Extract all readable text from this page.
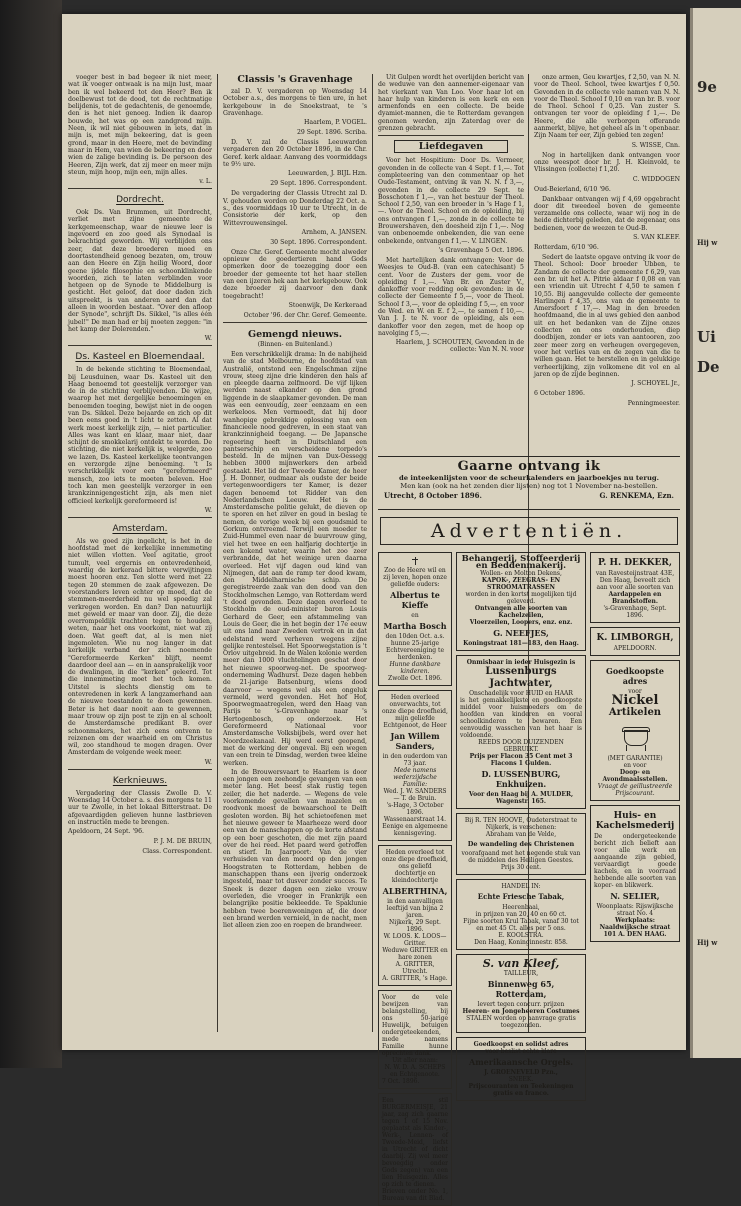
voeger best in bad begeer ik niet meer, wat ik voeger ontwaak is na mijn lust, maar ben ik wel bekeerd tot den Heer? Ben ik doelbewust tot de dood, tot de rechtmatige belijdenis, tot de gedachtenis, de genoemde, den is het niet genoeg. Indien ik daarop bouwde, het was op een zandgrond mijn. Neen, ik wil niet gebouwen in iets, dat in mijn is, met mijn bekeering, dat is geen grond, maar in den Heere, met de bevinding maar in Hem, van wien de bekeering en door wien de zalige bevinding is. De persoon des Heeren, Zijn werk, dat zij meer en meer mijn steun, mijn hoop, mijn een, mijn alles.

v. L.
Dordrecht.

Ook Ds. Van Brummen, uit Dordrecht, verliet met zijne gemeente de kerkgemeenschap, waar de nieuwe leer is ingevoerd en zoo goed als Synodaal is bekrachtigd geworden. Wij verblijden ons zeer, dat deze broederen moed en doortastendheid genoeg bezaten, om, trouw aan den Heere en Zijn heilig Woord, door geene ijdele filosophie en schoonklinkende woorden, zich te laten verblinden voor hetgeen op de Synode te Middelburg is gesticht. Het geloof, dat door daden zich uitspreekt, is van anderen aard dan dat alleen in woorden bestaat. "Over den afloop der Synode", schrijft Ds. Sikkel, "is alles één jubel!" De man had er bij moeten zeggen: "in het kamp der Dolerenden."

W.
Ds. Kasteel en Bloemendaal.

In de bekende stichting te Bloemendaal, bij Leusduinen, waar Ds. Kasteel uit den Haag benoemd tot geestelijk verzorger van de in de stichting verblijvenden. De wijze, waarop het met dergelijke benoemingen en benoemden toeging, bewijst niet in de oogen van Ds. Sikkel. Deze bejaarde en zich op dit been eens goed in 't licht te zetten. Al dat werk moest kerkelijk zijn, — niet particulier. Alles was kant en klaar, maar niet, daar schijnt de smokkelarij ontdekt te worden. De stichting, die niet kerkelijk is, welgerde, zoo we lazen, Ds. Kasteel kerkelijke teontvangen en verzorgde zijne benoeming. 't Is verschrikkelijk voor een "gereformeerd" mensch, zoo iets te moeten beleven. Hoe toch kan men geestelijk verzorger in een krankzinnigengesticht zijn, als men niet officieel kerkelijk gereformeerd is!

W.
Amsterdam.

Als we goed zijn ingelicht, is het in de hoofdstad met de kerkelijke innemmeting niet willen vlotten. Veel agitatie, groot tumult, veel ergernis en ontevredenheid, waardig de kerkeraad bittere verwijtingen moest hooren enz. Ten slotte werd met 22 tegen 20 stemmen de zaak afgewezen. De voorstanders leven echter op moed, dat de stemmen-meerderheid nu wel spoedig zal verkregen worden. En dan? Dan natuurlijk met geweld er maar van door. Zij, die deze overrompeldijk trachten tegen te houden, weten, naar het ons voorkomt, niet wat zij doen. Wat geeft dat, al is men niet ingemoleten. Wie nu nog langer in dat kerkelijk verband der zich noemende "Gereformeerde Kerken" blijft, neemt daardoor deel aan — en in aansprakelijk voor de dwalingen, in die "kerken" geleerd. Tot die innemmeting moet het toch komen. Uitstel is slechts dienstig om te ontevredenen in kerk A langzamerhand aan de nieuwe toestanden te doen gewennen. Beter is het daar nooit aan te gewennen, maar trouw op zijn post te zijn en al schoolt de Amsterdamsche predikant B. over schoonmakers, het zich eens ontvenn te reizenen om der waarheid en om Christus wil, zoo standhoud te mogen dragen. Over Amsterdam de volgende week meer.

W.
Kerknieuws.

Vergadering der Classis Zwolle D. V. Woensdag 14 October a. s. des morgens te 11 uur te Zwolle, in het lokaal Bitterstraat. De afgevaardigden gelieven hunne lastbrieven en instructiën mede te brengen.

Apeldoorn, 24 Sept. '96.
P. J. M. DE BRUIN,
Class. Correspondent.
Classis 's Gravenhage

zal D. V. vergaderen op Woensdag 14 October a.s., des morgens te tien ure, in het kerkgebouw in de Snoekstraat, te 's Gravenhage.

Haarlem, P. VOGEL.
29 Sept. 1896. Scriba.

D. V. zal de Classis Leeuwarden vergaderen den 20 October 1896, in de Chr. Geref. kerk aldaar. Aanvang des voormiddags te 9½ ure.

Leeuwarden, J. BIJL Hzn.
29 Sept. 1896. Correspondent.

De vergadering der Classis Utrecht zal D. V. gehouden worden op Donderdag 22 Oct. a. s., des voormiddags 10 uur te Utrecht, in de Consistorie der kerk, op den Wittevrouwensingel.

Arnhem, A. JANSEN.
30 Sept. 1896. Correspondent.

Onze Chr. Geref. Gemeente mocht alweder opnieuw de goedertieren hand Gods opmerken door de toezegging door een broeder der gemeente tot het haar stellen van een ijzeren hek aan het kerkgebouw. Ook deze broeder zij daarvoor den dank toegebracht!

Stoenwijk, De Kerkeraad
October '96. der Chr. Geref. Gemeente.
Gemengd nieuws.
(Binnen- en Buitenland.)

Een verschrikkelijk drama: In de nabijheid van de stad Melbourne, de hoofdstad van Australië, ontstond een Engelschman zijne vrouw, steeg zijne drie kinderen den hals af en pleegde daarna zelfmoord. De vijf lijken werden naast elkander op den grond liggende in de slaapkamer gevonden. De man was een eenvoudig, zeer eenzaam en een werkeloos. Men vermoedt, dat hij door wanhopige gebrekkige oplossing van een financieele nood gedreven, in een staat van krankzinnigheid toegang. — De Japansche regeering heeft in Duitschland een pantserschip en verscheidene torpedo's besteld. In de mijnen van Dux-Oessegg hebben 3000 mijnwerkers den arbeid gestaakt. Het lid der Tweede Kamer, de heer J. H. Donner, oudmaar als oudste der beide vertegenwoordigers ter Kamer, is dezer dagen benoemd tot Ridder van den Nederlandschen Leeuw. Het is de Amsterdamsche politie gelukt, de dieven op te sporen en het zilver en goud in beslag te nemen, de vorige week bij een goudsmid te Gorkum ontvreemd. Terwijl een moeder te Zuid-Hummel even naar de buurvrouw ging, viel het twee en een halfjarig dochtertje in een kokend water, waarin het zoo zeer verbrandde, dat het weinige uren daarna overleed. Het vijf dagen oud kind van Nijmegen, dat aan de ramp ter dood kwam, den Middelharnische schip. De geregistreerde zaak van den dood van den Stockholmschen Lemgo, van Rotterdam werd 't dood gevonden. Deze dagen overleed te Stockholm de oud-minister baron Louis Gerhard de Geer, een afstammeling van Louis de Geer, die in het begin der 17e eeuw uit ons land naar Zweden vertrok en in dat edelstand werd verheven wegens zijne gelijke rentestelsel. Het Spoorwegstation is 't Orlov uitgebreid. In de Walen kolonie werden meer dan 1000 vluchtelingen geschat door het nieuwe spoorweg-net. De spoorweg-onderneming Wadhurst. Deze dagen hebben de 21-jarige Batsenburg, wiens dood daarvoor — wegens wel als een ongeluk vermeld, werd gevonden. Het hof Hof, Spoorwegmaatregelen, werd den Haag van Parijs te 's-Gravenhage naar 's Hertogenbosch, op onderzoek. Het Gereformeerd Nationaal voor Amsterdamsche Volksbijbels, werd over het Noordzeekanaal. Hij werd eerst geopend, met de werking der ongeval. Bij een wegen van een trein te Dinsdag, werden twee kleine werken.

In de Brouwersvaart te Haarlem is door een jongen een zeehondje gevangen van een meter lang. Het beest stak rustig tegen zeiler, die het naderde. — Wegens de vele voorkomende gevallen van mazelen en roodvonk moest de bewaarschool te Delft gesloten worden. Bij het schietoefenen met het nieuwe geweer te Maarheeze werd door een van de manschappen op de korte afstand op een boer geschoten, die met zijn paard over de hei reed. Het paard werd getroffen en stierf. In Jaarpoort: Van de vier verhuisden van den moord op den jongen Hoogstraten te Rotterdam, hebben de manschappen thans een ijverig onderzoek ingesteld, maar tot dusver zonder succes. Te Sneek is dezer dagen een zieke vrouw overleden, die vroeger in Frankrijk een belangrijke positie bekleedde. Te Spaklunie hebben twee boerenwoningen af, die door een brand werden vernield, in de nacht, men liet alleen zien zoo en roepen de brandweer.

Uit Gulpen wordt het overlijden bericht van de weduwe van den aannemer-eigenaar van het vierkant van Van Loo. Voor haar lot en haar hulp van kinderen is een kerk en een armenfonds en een collecte. De beide dyamiet-mannen, die te Rotterdam gevangen genomen werden, zijn Zaterdag over de grenzen gebracht.

Liefdegaven

Voor het Hospitium: Door Ds. Vermeer, gevonden in de collecte van 4 Sept. f 1,—. Tot completeering van den commentaar op het Oude-Testament, ontving ik van N. N. f 3,—, gevonden in de collecte 29 Sept. te Bosschoten f 1,—, van het bestuur der Theol. School f 2,50, van een broeder in 's Hage f 1,—. Voor de Theol. School en de opleiding, bij ons ontvangen f 1,—, zonde in de collecte te Brouwershaven, den doesheid zijn f 1,—. Nog van onbenoemde onbekenden, die van eene onbekende, ontvangen f 1,—. V. LINGEN.

's Gravenhage 5 Oct. 1896.

Met hartelijken dank ontvangen: Voor de Weesjes te Oud-B. (van een catechisant) 5 cent. Voor de Zusters der gem. voor de opleiding f 1,—. Van Br. en Zuster V., dankoffer voor redding ook gevonden: in de collecte der Gemeente f 5,—, voor de Theol. School f 3,—, voor de opleiding f 5,—, en voor de Wed. en W. en E. f 2,—, te samen f 10,—. Van J. J. te N. voor de opleiding, als een dankoffer voor den zegen, met de hoop op navolging f 5,—.

Haarlem, J. SCHOUTEN, Gevonden in de collecte: Van N. N. voor

onze armen, Geu kwartjes, f 2,50, van N. N. voor de Theol. School, twee kwartjes f 0,50. Gevonden in de collecte vele namen van N. N. voor de Theol. School f 0,10 en van br. B. voor de Theol. School f 0,25. Van zuster S. ontvangen ter voor de opleiding f 1,—. De Heere, die alle verborgen offerande aanmerkt, blijve, het geheel als in 't openbaar. Zijn Naam ter eer, Zijn gebied ten zegen!

S. WISSE, Cnn.

Nog in hartelijken dank ontvangen voor onze weespot door br. J. H. Kleinvold, te Vlissingen (collecte) f 1,20.

C. WIDDOGEN
Oud-Beierland, 6/10 '96.

Dankbaar ontvangen wij f 4,69 opgebracht door dit tweedeel boven de gemeente verzamelde ons collecte, waar wij nog in de heide dichterbij geleden, dat de zegenaar, ons bedienen, voor de weezen te Oud-B.

S. VAN KLEEF.
Rotterdam, 6/10 '96.

Sedert de laatste opgave ontving ik voor de Theol. School: Door broeder Ubben, te Zandam de collecte der gemeente f 6,29, van een br. uit het A. Pitrie aldaar f 0,08 en van een vriendin uit Utrecht f 4,50 te samen f 10,55. Bij aangevulde collecte der gemeente Harlingen f 4,35, ons van de gemeente te Amersfoort f 17,—. Mag in den breeden hoofdmaand, die in al uws gebied den aanbod uit en het bedanken van de Zijne onzes collecten en ons onderhouden, diep doodbijen, zonder er iets van aantooren, zoo zeer meer zorg en verheugen overgegeven, voor het verlies van en de zegen van die te willen gaan. Het te herstellen en in gelukkige verheerlijking, zijn volkomene dit vol en al jaren op de zijde beginnen.

J. SCHOYEL Jr.,
6 October 1896.
Penningmeester.
Gaarne ontvang ik
de inteekenlijsten voor de scheurkalenders en jaarboekjes nu terug.
Men kan (ook na het zenden dier lijsten) nog tot 1 November na-bestellen.
Utrecht, 8 October 1896.	G. RENKEMA, Ezn.
Advertentiën.
Zoo de Heere wil en zij leven, hopen onze geliefde ouders:
Albertus te Kieffe
en
Martha Bosch
den 10den Oct. a.s. hunne 25-jarige Echtvereeniging te herdenken.
Hunne dankbare kinderen.
Zwolle Oct. 1896.
Heden overleed onverwachts, tot onze diepe droefheid, mijn geliefde Echtgenoot, de Heer
Jan Willem Sanders,
in den ouderdom van 73 jaar.
Mede namens wederzijdsche Familie:
Wed. J. W. SANDERS — T. de Bruin.
's-Hage, 3 October 1896.
Wassenaarstraat 14.
Eenige en algemeene kennisgeving.
Heden overleed tot onze diepe droefheid, ons geliefd dochtertje en kleindochtertje
ALBERTHINA,
in den aanvalligen leeftijd van bijna 2 jaren.
Nijkerk, 29 Sept. 1896.
W. LOOS. K. LOOS— Gritter.
Weduwe GRITTER en hare zonen
A. GRITTER, Utrecht.
A. GRITTER, 's Hage.
Voor de vele bewijzen van belangstelling, bij ons 50-jarige Huwelijk, betuigen ondergeteekenden, mede namens Familie hunne oprechten dank.
Uit aller naam:
N. W. D. A. SCHEPS en Echtgenoote.
7 Oct. 1896.
Een stil BURGERMEISJE, 21 jaar, zag zich gaarne tegen 1 of 15 Nov. geplaatst als Kinder-, Werk-, Lennen- of Tweede-Meid, liefst in Utrecht of dicht daarbij. Zij wel meer bevoegdig onder Gods zegen) van een lien Huisgezin. Alles op zich te dienen.
Brieven onder No. 1, Bureau van dit Blad.
Behangerij, Stoffeerderij en Beddenmakerij.
Wollen- en Molton Dekens,
KAPOK-, ZEEGRAS- EN STROOMATRASSEN
worden in den kortst mogelijken tijd geleverd.
Ontvangen alle soorten van Kachelzeilen,
Vloerzeilen, Loopers, enz. enz.
G. NEEFJES,
Koningstraat 181—183, den Haag.
Onmisbaar in ieder Huisgezin is
Lussenburgs Jachtwater,
Onschadelijk voor HUID en HAAR
is het gemakkelijkste en goedkoopste middel voor huismoeders om de hoofden van kinderen en vooral schoolkinderen te bewaren. Een eenvoudig wasschen van het haar is voldoende.
REEDS DOOR DUIZENDEN GEBRUIKT.
Prijs per Flacon 35 Cent met 3 Flacons 1 Gulden.
D. LUSSENBURG, Enkhuizen.
Voor den Haag bij A. MULDER, Wagenstr. 165.
Bij R. TEN HOOVE, Oudeterstraat te Nijkerk, is verschenen:
Abraham van de Velde,
De wandeling des Christenen
voorafgaand met het negende stuk van de middelen des Heiligen Geestes.
Prijs 30 cent.
HANDEL IN:
Echte Friesche Tabak,
Heerenbaai,
in prijzen van 20, 40 en 60 ct.
Fijne soorten Krul Tabak, vanaf 30 tot en met 45 Ct. alles per 5 ons.
E. KOOLSTRA.
Den Haag, Koninginnestr. 858.
S. van Kleef,
TAILLEUR,
Binnenweg 65,
Rotterdam,
levert tegen concurr. prijzen
Heeren- en Jongeheeren Costumes
STALEN worden op aanvrage gratis toegezonden.
Goedkoopst en solidst adres
voor beslist echte klare
Amerikaansche Orgels.
J. GROENEVELD Pzn.,
SNEEK.
Prijscouranten en Teekeningen gratis en franco.
P. H. DEKKER,
van Ravesteijnstraat 43E, Den Haag, beveelt zich aan voor alle soorten van
Aardappelen en Brandstoffen.
's-Gravenhage, Sept. 1896.
K. LIMBORGH,
APELDOORN.
Goedkoopste adres
voor
Nickel
Artikelen
(MET GARANTIE)
en voor
Doop- en Avondmaalsstellen.
Vraagt de geillustreerde Prijscourant.
Huis- en Kachelsmederij
De ondergeteekende bericht zich belieft aan voor alle werk en aangaande zijn gebied, vervaardigt goede kachels, en in voorraad hebbende alle soorten van koper- en blikwerk.
N. SELIER,
Woonplaats: Rijswijksche straat No. 4
Werkplaats: Naaldwijksche straat 101 A. DEN HAAG.
9e
Hij w
Ui
De
Hij w
